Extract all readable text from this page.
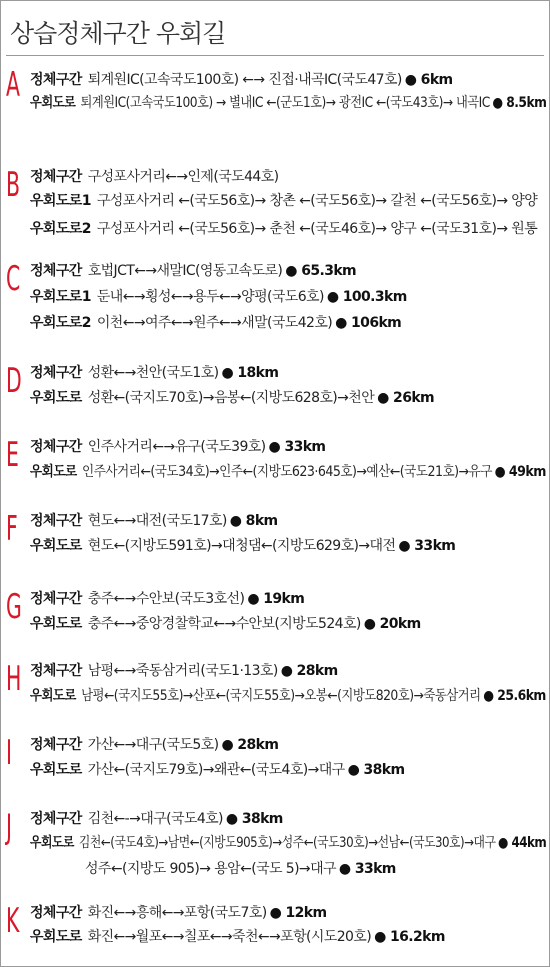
상습정체구간 우회길
A 정체구간 퇴계원IC(고속국도100호) ←→ 진접·내곡IC(국도47호) ● 6km
우회도로 퇴계원IC(고속국도100호) → 별내IC ←(군도1호)→ 광전IC ←(국도43호)→ 내곡IC ● 8.5km
B 정체구간 구성포사거리←→인제(국도44호)
우회도로1 구성포사거리 ←(국도56호)→ 창촌 ←(국도56호)→ 갈천 ←(국도56호)→ 양양
우회도로2 구성포사거리 ←(국도56호)→ 춘천 ←(국도46호)→ 양구 ←(국도31호)→ 원통
C 정체구간 호법JCT←→새말IC(영동고속도로) ● 65.3km
우회도로1 둔내←→횡성←→용두←→양평(국도6호) ● 100.3km
우회도로2 이천←→여주←→원주←→새말(국도42호) ● 106km
D 정체구간 성환←→천안(국도1호) ● 18km
우회도로 성환←(국지도70호)→음봉←(지방도628호)→천안 ● 26km
E 정체구간 인주사거리←→유구(국도39호) ● 33km
우회도로 인주사거리←(국도34호)→인주←(지방도623·645호)→예산←(국도21호)→유구 ● 49km
F 정체구간 현도←→대전(국도17호) ● 8km
우회도로 현도←(지방도591호)→대청댐←(지방도629호)→대전 ● 33km
G 정체구간 충주←→수안보(국도3호선) ● 19km
우회도로 충주←→중앙경찰학교←→수안보(지방도524호) ● 20km
H 정체구간 남평←→죽동삼거리(국도1·13호) ● 28km
우회도로 남평←(국지도55호)→산포←(국지도55호)→오봉←(지방도820호)→죽동삼거리 ● 25.6km
I 정체구간 가산←→대구(국도5호) ● 28km
우회도로 가산←(국지도79호)→왜관←(국도4호)→대구 ● 38km
J 정체구간 김천←-→대구(국도4호) ● 38km
우회도로 김천←(국도4호)→남면←(지방도905호)→성주←(국도30호)→선남←(국도30호)→대구 ● 44km
성주←(지방도 905)→ 용암←(국도 5)→대구 ● 33km
K 정체구간 화진←→흥해←→포항(국도7호) ● 12km
우회도로 화진←→월포←→칠포←→죽천←→포항(시도20호) ● 16.2km
